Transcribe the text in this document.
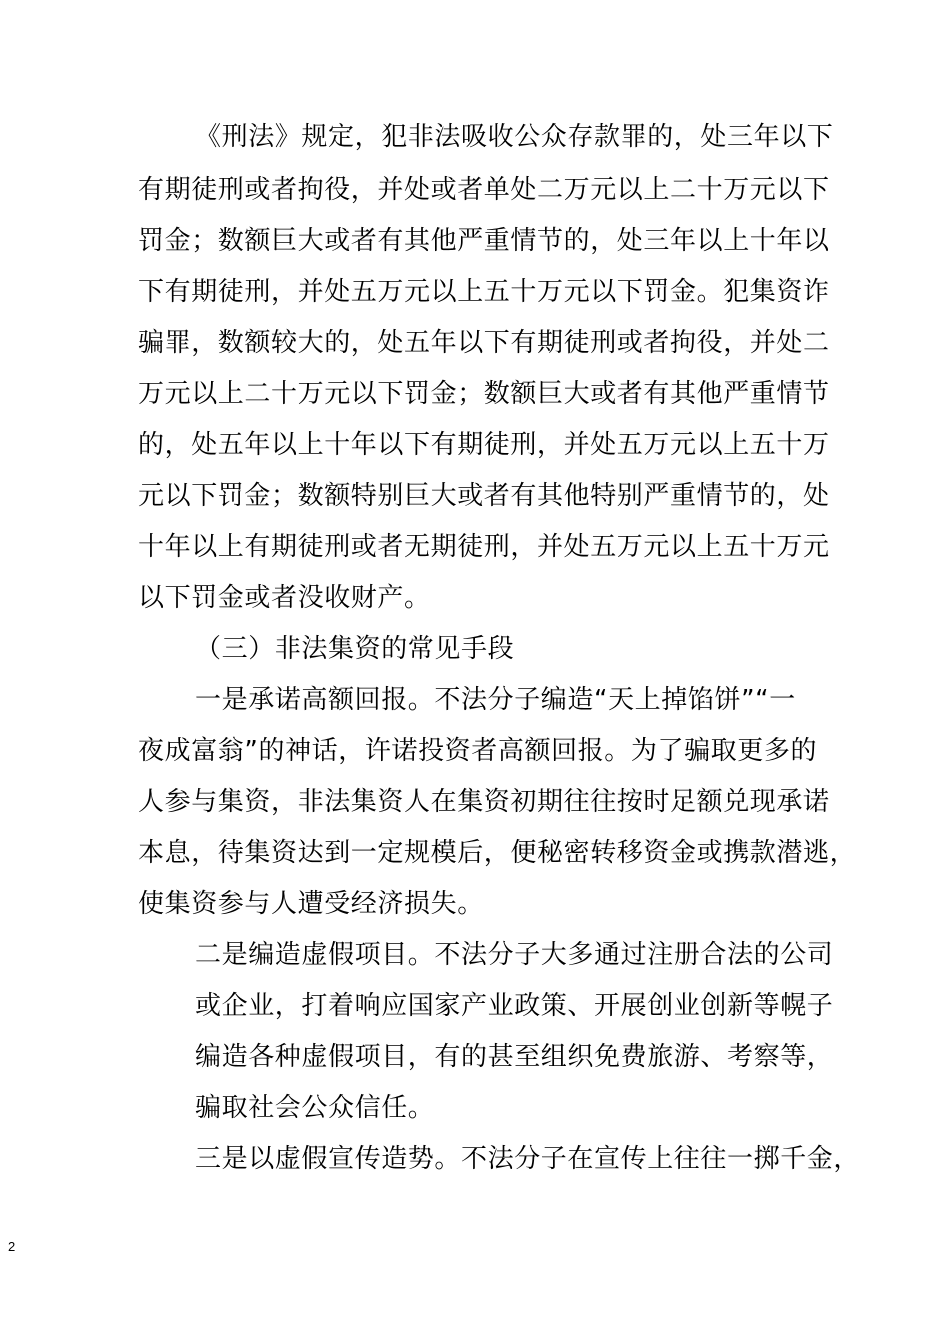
《刑法》规定，犯非法吸收公众存款罪的，处三年以下
有期徒刑或者拘役，并处或者单处二万元以上二十万元以下
罚金；数额巨大或者有其他严重情节的，处三年以上十年以
下有期徒刑，并处五万元以上五十万元以下罚金。犯集资诈
骗罪，数额较大的，处五年以下有期徒刑或者拘役，并处二
万元以上二十万元以下罚金；数额巨大或者有其他严重情节
的，处五年以上十年以下有期徒刑，并处五万元以上五十万
元以下罚金；数额特别巨大或者有其他特别严重情节的，处
十年以上有期徒刑或者无期徒刑，并处五万元以上五十万元
以下罚金或者没收财产。
（三）非法集资的常见手段
一是承诺高额回报。不法分子编造“天上掉馅饼”“一
夜成富翁”的神话，许诺投资者高额回报。为了骗取更多的
人参与集资，非法集资人在集资初期往往按时足额兑现承诺
本息，待集资达到一定规模后，便秘密转移资金或携款潜逃，
使集资参与人遭受经济损失。
二是编造虚假项目。不法分子大多通过注册合法的公司
或企业，打着响应国家产业政策、开展创业创新等幌子
编造各种虚假项目，有的甚至组织免费旅游、考察等，
骗取社会公众信任。
三是以虚假宣传造势。不法分子在宣传上往往一掷千金，
2
